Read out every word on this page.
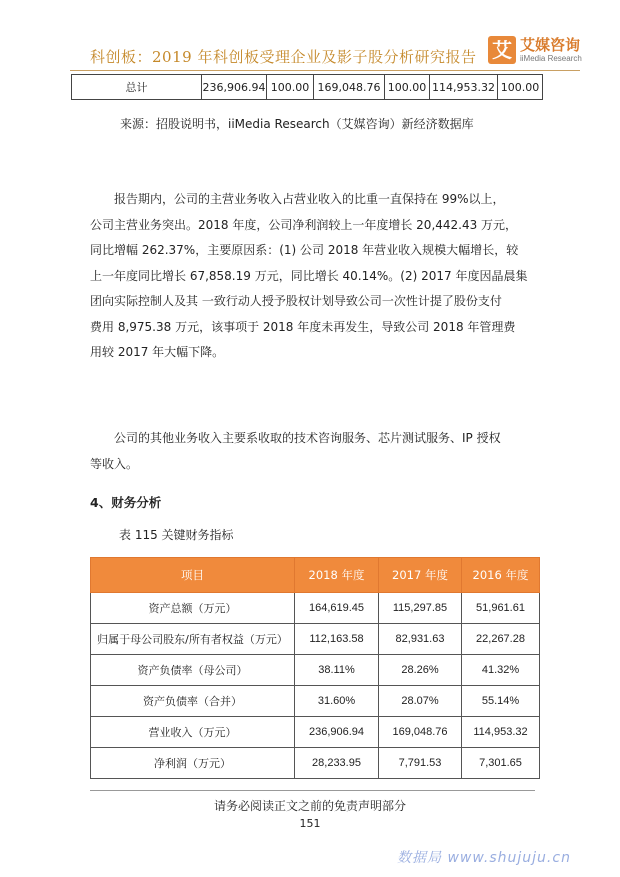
科创板：2019 年科创板受理企业及影子股分析研究报告 艾 艾媒咨询
iiMedia Research
总计	236,906.94	100.00	169,048.76	100.00	114,953.32	100.00
来源：招股说明书，iiMedia Research（艾媒咨询）新经济数据库
报告期内，公司的主营业务收入占营业收入的比重一直保持在 99%以上，
公司主营业务突出。2018 年度，公司净利润较上一年度增长 20,442.43 万元，
同比增幅 262.37%，主要原因系：(1) 公司 2018 年营业收入规模大幅增长，较
上一年度同比增长 67,858.19 万元，同比增长 40.14%。(2) 2017 年度因晶晨集
团向实际控制人及其 一致行动人授予股权计划导致公司一次性计提了股份支付
费用 8,975.38 万元，该事项于 2018 年度未再发生，导致公司 2018 年管理费
用较 2017 年大幅下降。
公司的其他业务收入主要系收取的技术咨询服务、芯片测试服务、IP 授权
等收入。
4、财务分析
表 115 关键财务指标
项目	2018 年度	2017 年度	2016 年度
资产总额（万元）	164,619.45	115,297.85	51,961.61
归属于母公司股东/所有者权益（万元）	112,163.58	82,931.63	22,267.28
资产负债率（母公司）	38.11%	28.26%	41.32%
资产负债率（合并）	31.60%	28.07%	55.14%
营业收入（万元）	236,906.94	169,048.76	114,953.32
净利润（万元）	28,233.95	7,791.53	7,301.65
请务必阅读正文之前的免责声明部分
151
数据局 www.shujuju.cn
